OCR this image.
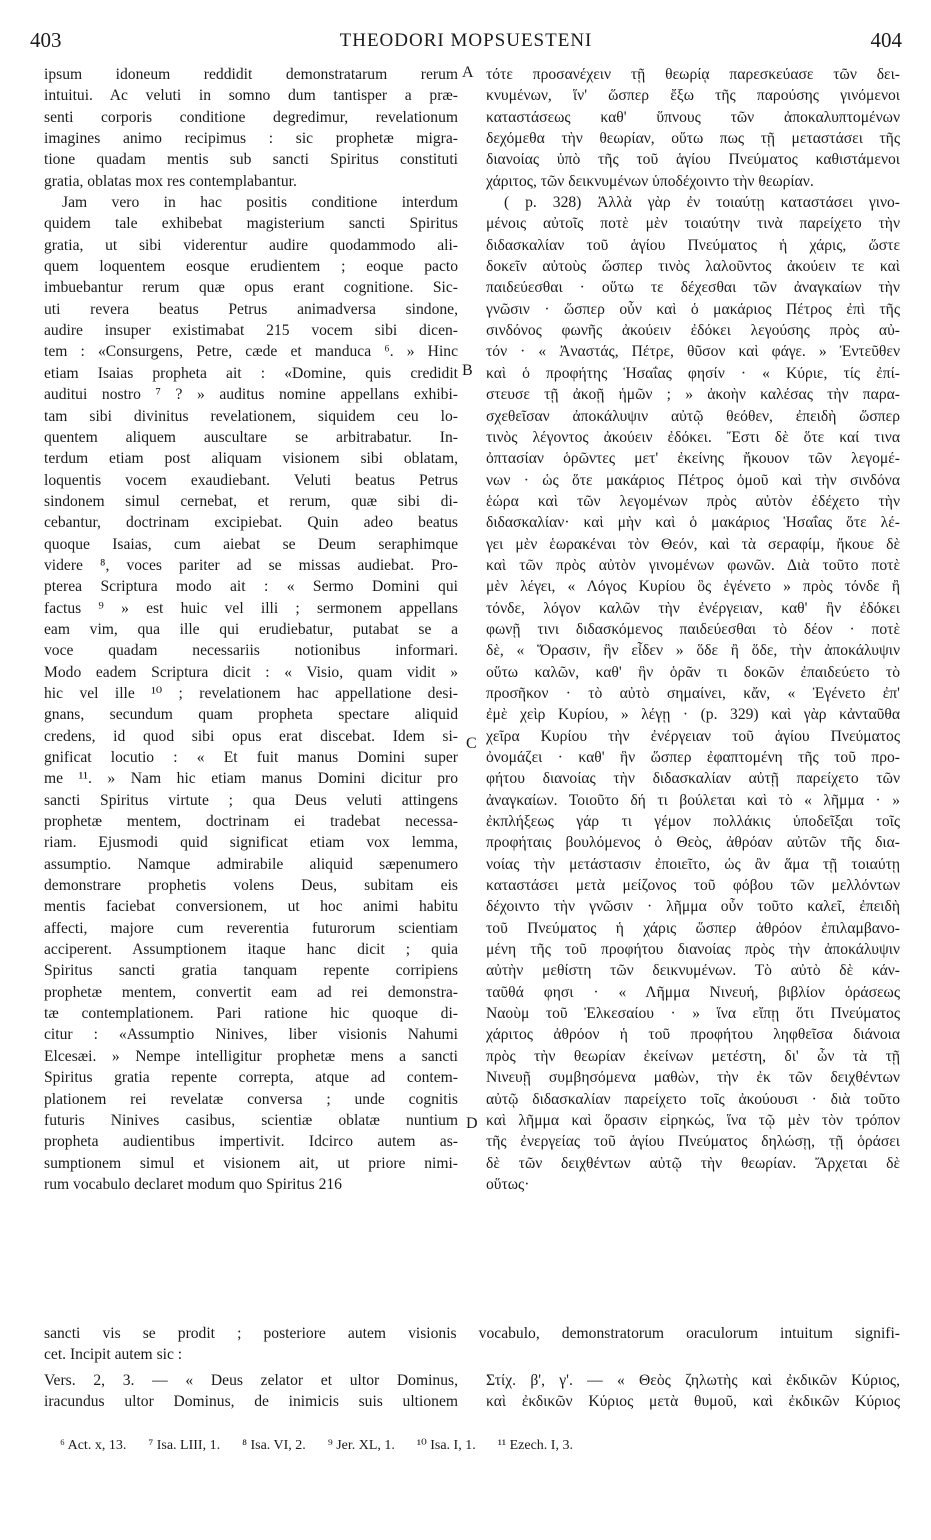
403	THEODORI MOPSUESTENI	404
ipsum idoneum reddidit demonstratarum rerum
intuitui. Ac veluti in somno dum tantisper a præ-
senti corporis conditione degredimur, revelationum
imagines animo recipimus : sic prophetæ migra-
tione quadam mentis sub sancti Spiritus constituti
gratia, oblatas mox res contemplabantur.
Jam vero in hac positis conditione interdum
quidem tale exhibebat magisterium sancti Spiritus
gratia, ut sibi viderentur audire quodammodo ali-
quem loquentem eosque erudientem ; eoque pacto
imbuebantur rerum quæ opus erant cognitione. Sic-
uti revera beatus Petrus animadversa sindone,
audire insuper existimabat 215 vocem sibi dicen-
tem : «Consurgens, Petre, cæde et manduca ⁶. » Hinc
etiam Isaias propheta ait : «Domine, quis credidit
auditui nostro ⁷ ? » auditus nomine appellans exhibi-
tam sibi divinitus revelationem, siquidem ceu lo-
quentem aliquem auscultare se arbitrabatur. In-
terdum etiam post aliquam visionem sibi oblatam,
loquentis vocem exaudiebant. Veluti beatus Petrus
sindonem simul cernebat, et rerum, quæ sibi di-
cebantur, doctrinam excipiebat. Quin adeo beatus
quoque Isaias, cum aiebat se Deum seraphimque
videre ⁸, voces pariter ad se missas audiebat. Pro-
pterea Scriptura modo ait : « Sermo Domini qui
factus ⁹ » est huic vel illi ; sermonem appellans
eam vim, qua ille qui erudiebatur, putabat se a
voce quadam necessariis notionibus informari.
Modo eadem Scriptura dicit : « Visio, quam vidit »
hic vel ille ¹⁰ ; revelationem hac appellatione desi-
gnans, secundum quam propheta spectare aliquid
credens, id quod sibi opus erat discebat. Idem si-
gnificat locutio : « Et fuit manus Domini super
me ¹¹. » Nam hic etiam manus Domini dicitur pro
sancti Spiritus virtute ; qua Deus veluti attingens
prophetæ mentem, doctrinam ei tradebat necessa-
riam. Ejusmodi quid significat etiam vox lemma,
assumptio. Namque admirabile aliquid sæpenumero
demonstrare prophetis volens Deus, subitam eis
mentis faciebat conversionem, ut hoc animi habitu
affecti, majore cum reverentia futurorum scientiam
acciperent. Assumptionem itaque hanc dicit ; quia
Spiritus sancti gratia tanquam repente corripiens
prophetæ mentem, convertit eam ad rei demonstra-
tæ contemplationem. Pari ratione hic quoque di-
citur : «Assumptio Ninives, liber visionis Nahumi
Elcesæi. » Nempe intelligitur prophetæ mens a sancti
Spiritus gratia repente correpta, atque ad contem-
plationem rei revelatæ conversa ; unde cognitis
futuris Ninives casibus, scientiæ oblatæ nuntium
propheta audientibus impertivit. Idcirco autem as-
sumptionem simul et visionem ait, ut priore nimi-
rum vocabulo declaret modum quo Spiritus 216
τότε προσανέχειν τῇ θεωρίᾳ παρεσκεύασε τῶν δει-
κνυμένων, ἵν' ὥσπερ ἔξω τῆς παρούσης γινόμενοι
καταστάσεως καθ' ὕπνους τῶν ἀποκαλυπτομένων
δεχόμεθα τὴν θεωρίαν, οὕτω πως τῇ μεταστάσει τῆς
διανοίας ὑπὸ τῆς τοῦ ἁγίου Πνεύματος καθιστάμενοι
χάριτος, τῶν δεικνυμένων ὑποδέχοιντο τὴν θεωρίαν.
( p. 328) Ἀλλὰ γὰρ ἐν τοιαύτῃ καταστάσει γινο-
μένοις αὐτοῖς ποτὲ μὲν τοιαύτην τινὰ παρείχετο τὴν
διδασκαλίαν τοῦ ἁγίου Πνεύματος ἡ χάρις, ὥστε
δοκεῖν αὐτοὺς ὥσπερ τινὸς λαλοῦντος ἀκούειν τε καὶ
παιδεύεσθαι · οὕτω τε δέχεσθαι τῶν ἀναγκαίων τὴν
γνῶσιν · ὥσπερ οὖν καὶ ὁ μακάριος Πέτρος ἐπὶ τῆς
σινδόνος φωνῆς ἀκούειν ἐδόκει λεγούσης πρὸς αὐ-
τόν · « Ἀναστάς, Πέτρε, θῦσον καὶ φάγε. » Ἐντεῦθεν
καὶ ὁ προφήτης Ἡσαΐας φησίν · « Κύριε, τίς ἐπί-
στευσε τῇ ἀκοῇ ἡμῶν ; » ἀκοὴν καλέσας τὴν παρα-
σχεθεῖσαν ἀποκάλυψιν αὐτῷ θεόθεν, ἐπειδὴ ὥσπερ
τινὸς λέγοντος ἀκούειν ἐδόκει. Ἔστι δὲ ὅτε καί τινα
ὀπτασίαν ὁρῶντες μετ' ἐκείνης ἤκουον τῶν λεγομέ-
νων · ὡς ὅτε μακάριος Πέτρος ὁμοῦ καὶ τὴν σινδόνα
ἑώρα καὶ τῶν λεγομένων πρὸς αὐτὸν ἐδέχετο τὴν
διδασκαλίαν· καὶ μὴν καὶ ὁ μακάριος Ἡσαΐας ὅτε λέ-
γει μὲν ἑωρακέναι τὸν Θεόν, καὶ τὰ σεραφίμ, ἤκουε δὲ
καὶ τῶν πρὸς αὐτὸν γινομένων φωνῶν. Διὰ τοῦτο ποτὲ
μὲν λέγει, « Λόγος Κυρίου ὃς ἐγένετο » πρὸς τόνδε ἢ
τόνδε, λόγον καλῶν τὴν ἐνέργειαν, καθ' ἣν ἐδόκει
φωνῇ τινι διδασκόμενος παιδεύεσθαι τὸ δέον · ποτὲ
δὲ, « Ὅρασιν, ἣν εἶδεν » ὅδε ἢ ὅδε, τὴν ἀποκάλυψιν
οὕτω καλῶν, καθ' ἣν ὁρᾶν τι δοκῶν ἐπαιδεύετο τὸ
προσῆκον · τὸ αὐτὸ σημαίνει, κἄν, « Ἐγένετο ἐπ'
ἐμὲ χεὶρ Κυρίου, » λέγῃ · (p. 329) καὶ γὰρ κἀνταῦθα
χεῖρα Κυρίου τὴν ἐνέργειαν τοῦ ἁγίου Πνεύματος
ὀνομάζει · καθ' ἣν ὥσπερ ἐφαπτομένη τῆς τοῦ προ-
φήτου διανοίας τὴν διδασκαλίαν αὐτῇ παρείχετο τῶν
ἀναγκαίων. Τοιοῦτο δή τι βούλεται καὶ τὸ « λῆμμα · »
ἐκπλήξεως γάρ τι γέμον πολλάκις ὑποδεῖξαι τοῖς
προφήταις βουλόμενος ὁ Θεὸς, ἀθρόαν αὐτῶν τῆς δια-
νοίας τὴν μετάστασιν ἐποιεῖτο, ὡς ἂν ἅμα τῇ τοιαύτῃ
καταστάσει μετὰ μείζονος τοῦ φόβου τῶν μελλόντων
δέχοιντο τὴν γνῶσιν · λῆμμα οὖν τοῦτο καλεῖ, ἐπειδὴ
τοῦ Πνεύματος ἡ χάρις ὥσπερ ἀθρόον ἐπιλαμβανο-
μένη τῆς τοῦ προφήτου διανοίας πρὸς τὴν ἀποκάλυψιν
αὐτὴν μεθίστη τῶν δεικνυμένων. Τὸ αὐτὸ δὲ κάν-
ταῦθά φησι · « Λῆμμα Νινευή, βιβλίον ὁράσεως
Ναοὺμ τοῦ Ἐλκεσαίου · » ἵνα εἴπῃ ὅτι Πνεύματος
χάριτος ἀθρόον ἡ τοῦ προφήτου ληφθεῖσα διάνοια
πρὸς τὴν θεωρίαν ἐκείνων μετέστη, δι' ὧν τὰ τῇ
Νινευῇ συμβησόμενα μαθὼν, τὴν ἐκ τῶν δειχθέντων
αὐτῷ διδασκαλίαν παρείχετο τοῖς ἀκούουσι · διὰ τοῦτο
καὶ λῆμμα καὶ ὅρασιν εἰρηκώς, ἵνα τῷ μὲν τὸν τρόπον
τῆς ἐνεργείας τοῦ ἁγίου Πνεύματος δηλώσῃ, τῇ ὁράσει
δὲ τῶν δειχθέντων αὐτῷ τὴν θεωρίαν. Ἄρχεται δὲ
οὕτως·
A
B
C
D
sancti vis se prodit ; posteriore autem visionis vocabulo, demonstratorum oraculorum intuitum signifi-
cet. Incipit autem sic :
Vers. 2, 3. — « Deus zelator et ultor Dominus,
iracundus ultor Dominus, de inimicis suis ultionem
Στίχ. β', γ'. — « Θεὸς ζηλωτὴς καὶ ἐκδικῶν Κύριος,
καὶ ἐκδικῶν Κύριος μετὰ θυμοῦ, καὶ ἐκδικῶν Κύριος
⁶ Act. x, 13. ⁷ Isa. LIII, 1. ⁸ Isa. VI, 2. ⁹ Jer. XL, 1. ¹⁰ Isa. I, 1. ¹¹ Ezech. I, 3.
